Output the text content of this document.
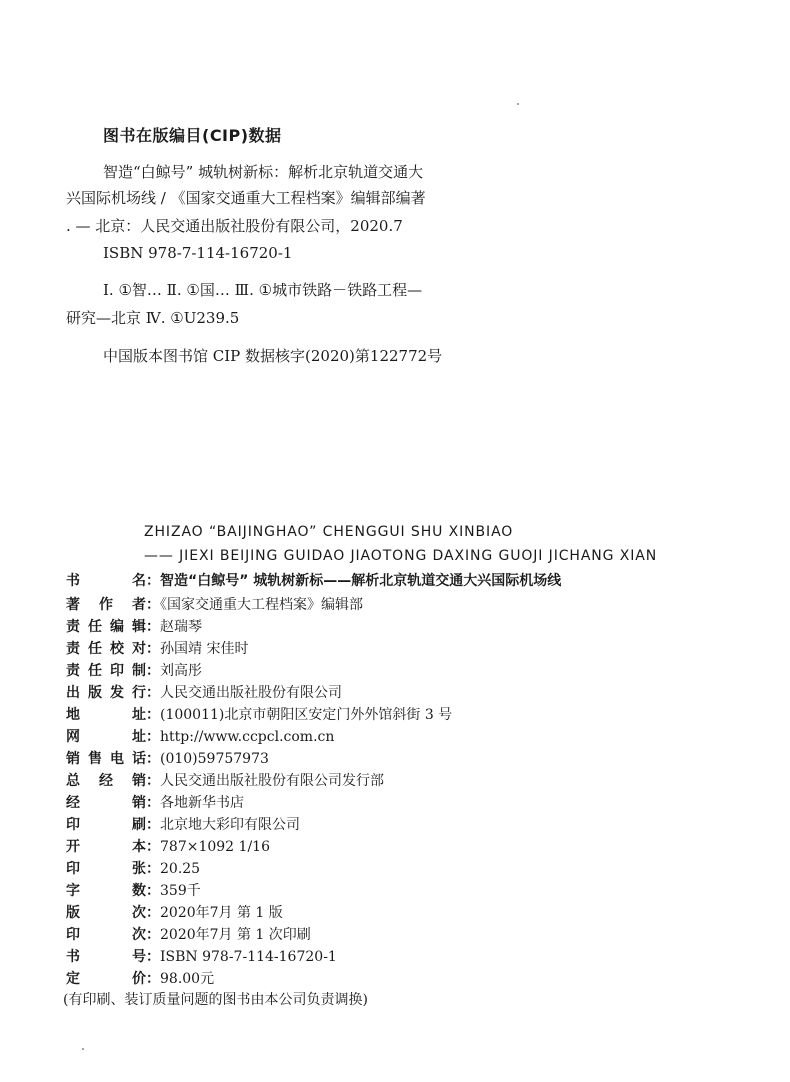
图书在版编目(CIP)数据
智造“白鲸号” 城轨树新标：解析北京轨道交通大
兴国际机场线 / 《国家交通重大工程档案》编辑部编著
. — 北京：人民交通出版社股份有限公司，2020.7
ISBN 978-7-114-16720-1
Ⅰ. ①智… Ⅱ. ①国… Ⅲ. ①城市铁路－铁路工程—
研究—北京 Ⅳ. ①U239.5
中国版本图书馆 CIP 数据核字(2020)第122772号
ZHIZAO “BAIJINGHAO” CHENGGUI SHU XINBIAO
—— JIEXI BEIJING GUIDAO JIAOTONG DAXING GUOJI JICHANG XIAN
书名：智造“白鲸号” 城轨树新标——解析北京轨道交通大兴国际机场线
著作者：《国家交通重大工程档案》编辑部
责任编辑：赵瑞琴
责任校对：孙国靖 宋佳时
责任印制：刘高彤
出版发行：人民交通出版社股份有限公司
地址：(100011)北京市朝阳区安定门外外馆斜街 3 号
网址：http://www.ccpcl.com.cn
销售电话：(010)59757973
总经销：人民交通出版社股份有限公司发行部
经销：各地新华书店
印刷：北京地大彩印有限公司
开本：787×1092 1/16
印张：20.25
字数：359千
版次：2020年7月 第 1 版
印次：2020年7月 第 1 次印刷
书号：ISBN 978-7-114-16720-1
定价：98.00元
(有印刷、装订质量问题的图书由本公司负责调换)
